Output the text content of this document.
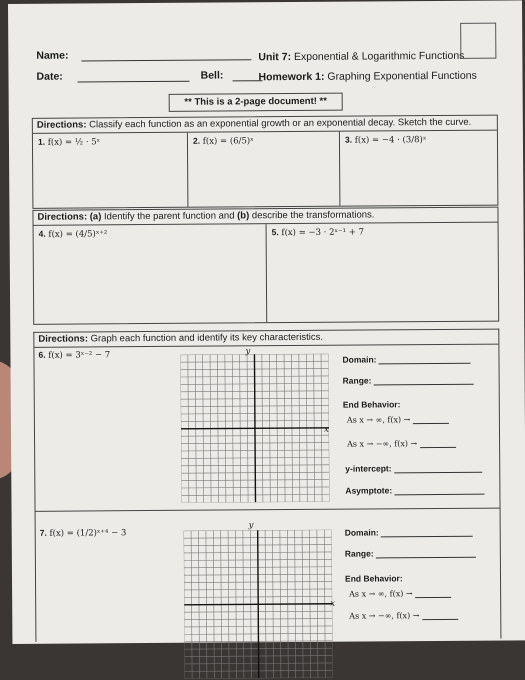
Name:
Date:	Bell:
Unit 7: Exponential & Logarithmic Functions
Homework 1: Graphing Exponential Functions
** This is a 2-page document! **
Directions: Classify each function as an exponential growth or an exponential decay. Sketch the curve.
1. f(x) = ½ · 5ˣ	2. f(x) = (6/5)ˣ	3. f(x) = −4 · (3/8)ˣ
Directions: (a) Identify the parent function and (b) describe the transformations.
4. f(x) = (4/5)ˣ⁺²	5. f(x) = −3 · 2ˣ⁻¹ + 7
Directions: Graph each function and identify its key characteristics.
6. f(x) = 3ˣ⁻² − 7	y
x
Domain:
Range:
End Behavior:
As x → ∞, f(x) →
As x → −∞, f(x) →
y-intercept:
Asymptote:
7. f(x) = (1/2)ˣ⁺⁴ − 3
y
x
Domain:
Range:
End Behavior:
As x → ∞, f(x) →
As x → −∞, f(x) →
